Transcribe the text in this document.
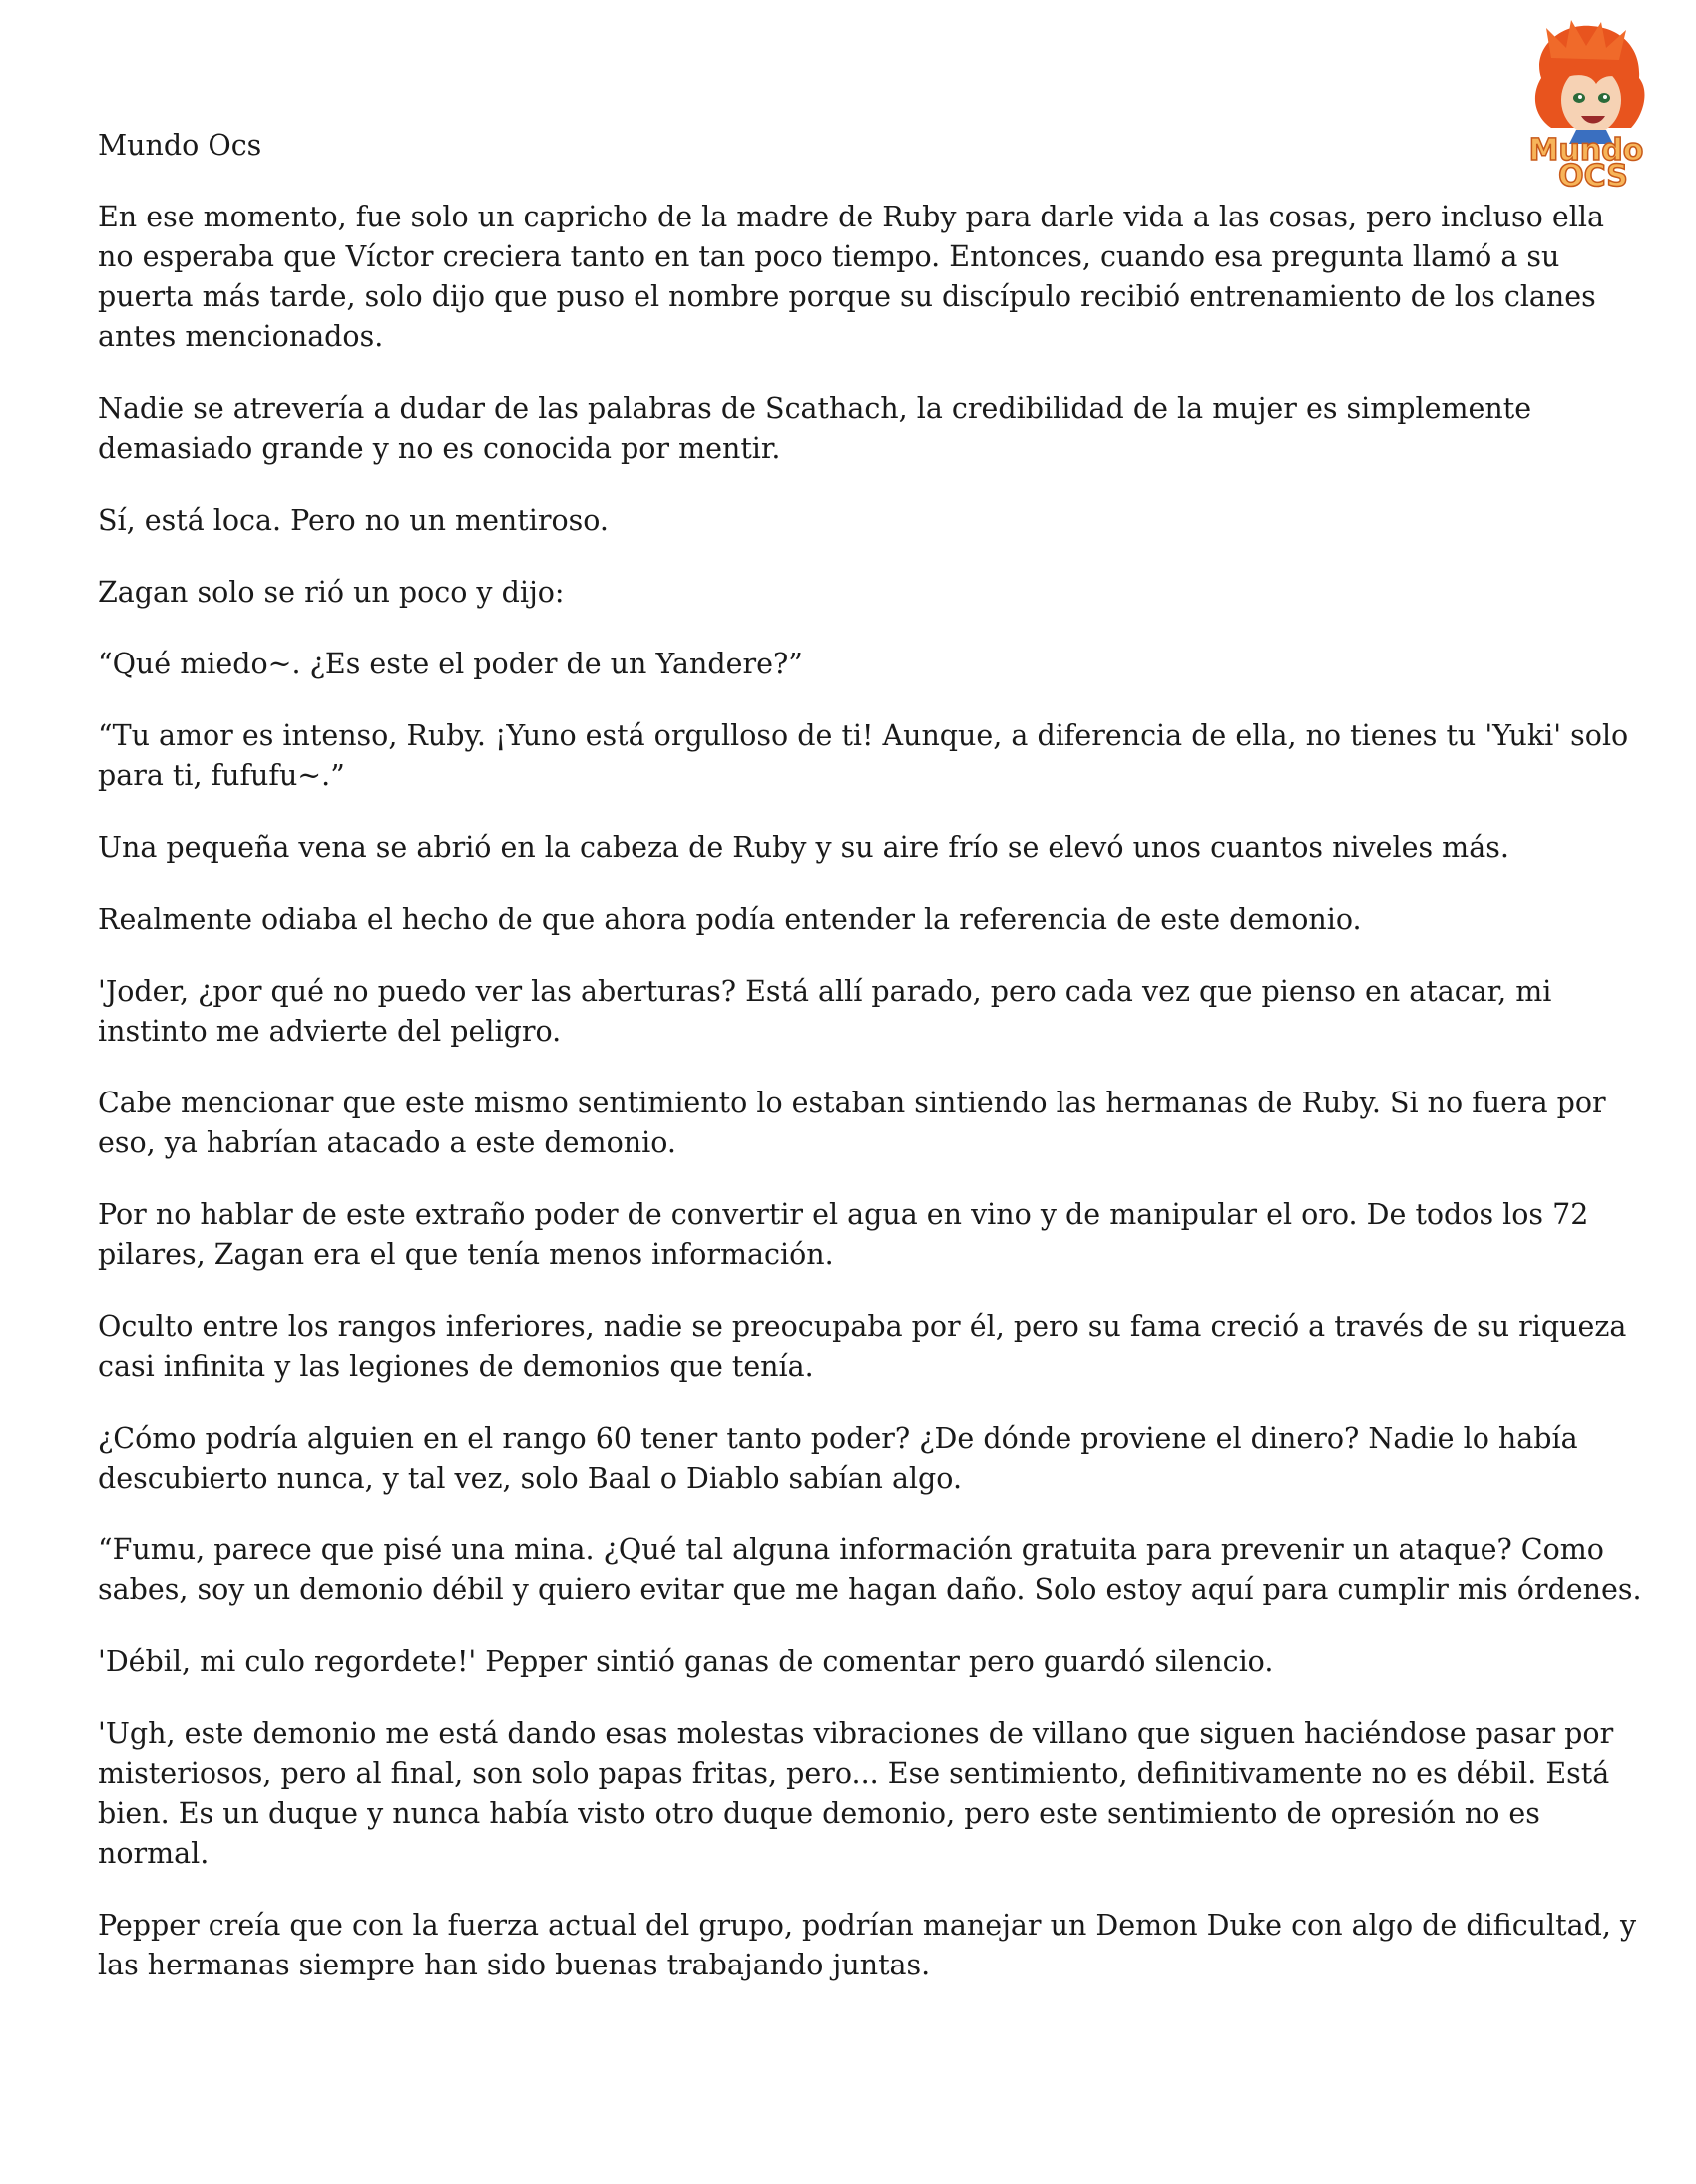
Mundo
OCS
Mundo Ocs

En ese momento, fue solo un capricho de la madre de Ruby para darle vida a las cosas, pero incluso ella no esperaba que Víctor creciera tanto en tan poco tiempo. Entonces, cuando esa pregunta llamó a su puerta más tarde, solo dijo que puso el nombre porque su discípulo recibió entrenamiento de los clanes antes mencionados.

Nadie se atrevería a dudar de las palabras de Scathach, la credibilidad de la mujer es simplemente demasiado grande y no es conocida por mentir.

Sí, está loca. Pero no un mentiroso.

Zagan solo se rió un poco y dijo:

“Qué miedo~. ¿Es este el poder de un Yandere?”

“Tu amor es intenso, Ruby. ¡Yuno está orgulloso de ti! Aunque, a diferencia de ella, no tienes tu 'Yuki' solo para ti, fufufu~.”

Una pequeña vena se abrió en la cabeza de Ruby y su aire frío se elevó unos cuantos niveles más.

Realmente odiaba el hecho de que ahora podía entender la referencia de este demonio.

'Joder, ¿por qué no puedo ver las aberturas? Está allí parado, pero cada vez que pienso en atacar, mi instinto me advierte del peligro.

Cabe mencionar que este mismo sentimiento lo estaban sintiendo las hermanas de Ruby. Si no fuera por eso, ya habrían atacado a este demonio.

Por no hablar de este extraño poder de convertir el agua en vino y de manipular el oro. De todos los 72 pilares, Zagan era el que tenía menos información.

Oculto entre los rangos inferiores, nadie se preocupaba por él, pero su fama creció a través de su riqueza casi infinita y las legiones de demonios que tenía.

¿Cómo podría alguien en el rango 60 tener tanto poder? ¿De dónde proviene el dinero? Nadie lo había descubierto nunca, y tal vez, solo Baal o Diablo sabían algo.

“Fumu, parece que pisé una mina. ¿Qué tal alguna información gratuita para prevenir un ataque? Como sabes, soy un demonio débil y quiero evitar que me hagan daño. Solo estoy aquí para cumplir mis órdenes.

'Débil, mi culo regordete!' Pepper sintió ganas de comentar pero guardó silencio.

'Ugh, este demonio me está dando esas molestas vibraciones de villano que siguen haciéndose pasar por misteriosos, pero al final, son solo papas fritas, pero... Ese sentimiento, definitivamente no es débil. Está bien. Es un duque y nunca había visto otro duque demonio, pero este sentimiento de opresión no es normal.

Pepper creía que con la fuerza actual del grupo, podrían manejar un Demon Duke con algo de dificultad, y las hermanas siempre han sido buenas trabajando juntas.
